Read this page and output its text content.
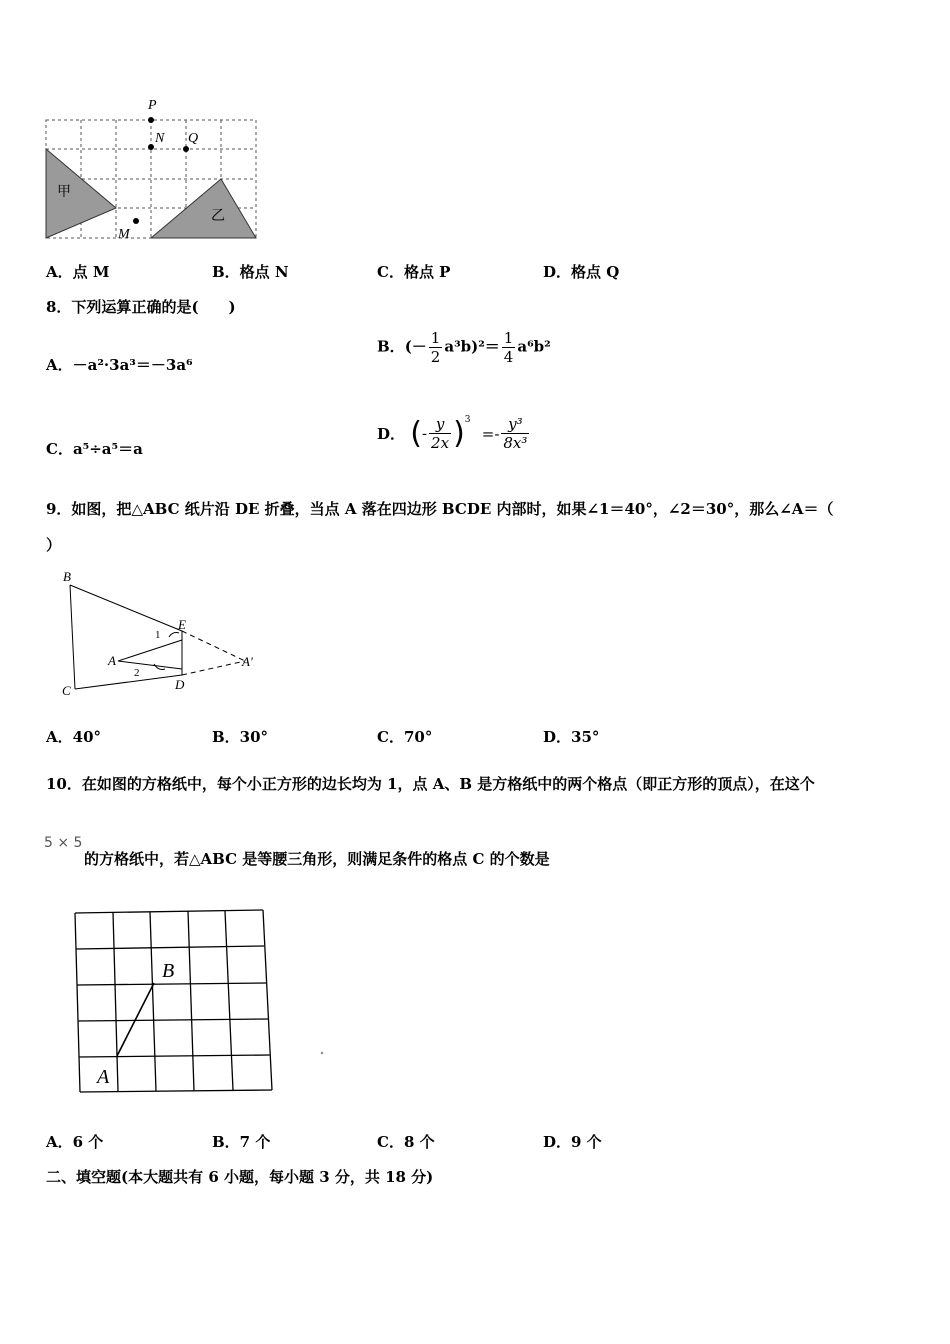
P
N Q
M
甲
乙
A．点 M	B．格点 N	C．格点 P	D．格点 Q
8．下列运算正确的是(　　)
A．－a²·3a³＝－3a⁶
B．(－ $\frac{1}{2} a^3b)^2= \frac{1}{4} a^6b^2$
C．a⁵÷a⁵＝a
D． (- $\frac{y}{2x} )^3 =- \frac{\text{y³}}{\text{8x³}}$
9．如图，把△ABC 纸片沿 DE 折叠，当点 A 落在四边形 BCDE 内部时，如果∠1＝40°，∠2＝30°，那么∠A＝（
）
B
C
E
D
A	A′
1
2
A．40°	B．30°	C．70°	D．35°
10．在如图的方格纸中，每个小正方形的边长均为 1，点 A、B 是方格纸中的两个格点（即正方形的顶点），在这个
5 × 5
的方格纸中，若△ABC 是等腰三角形，则满足条件的格点 C 的个数是
B
A
A．6 个	B．7 个	C．8 个	D．9 个
二、填空题(本大题共有 6 小题，每小题 3 分，共 18 分)
